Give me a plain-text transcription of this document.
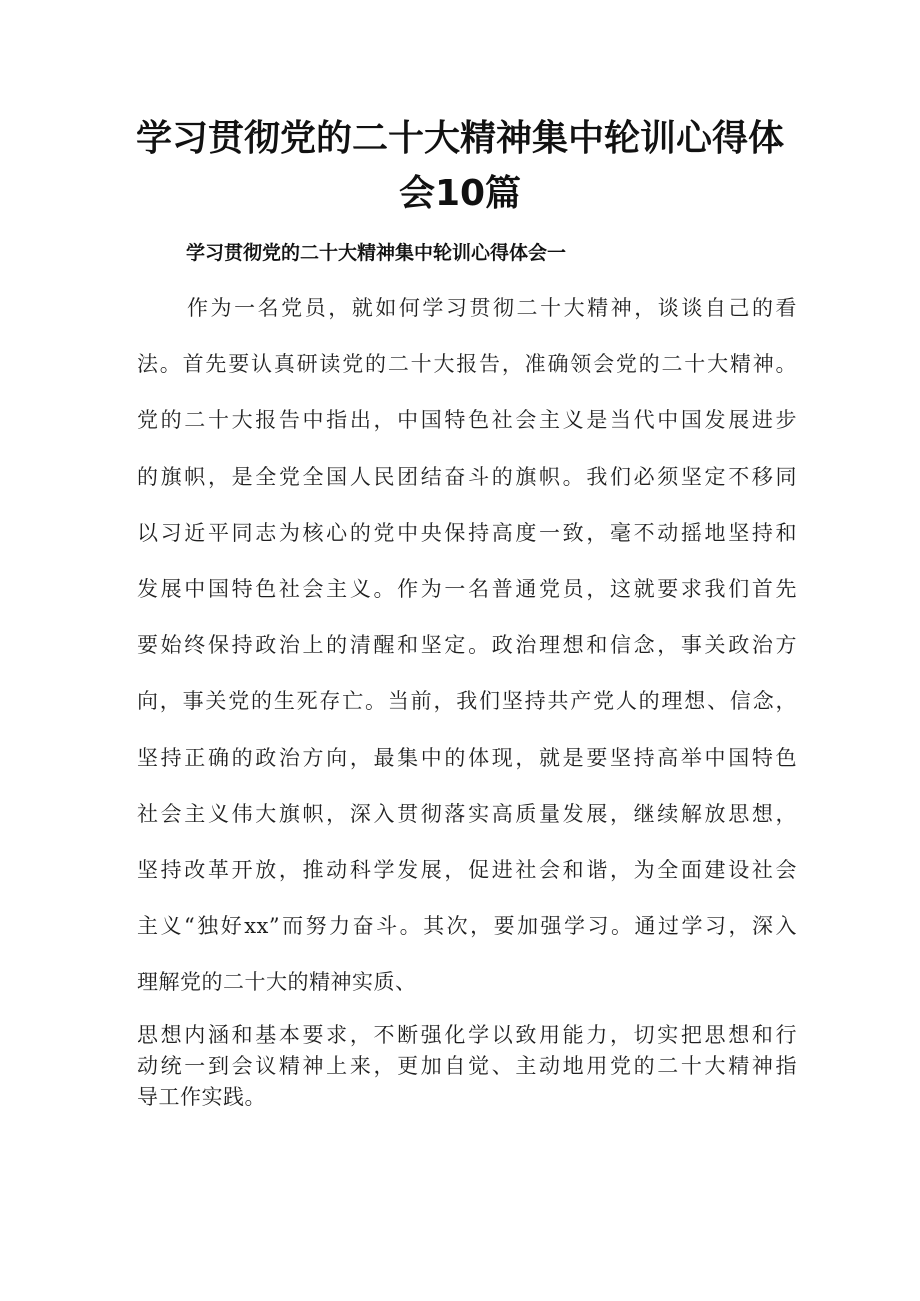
学习贯彻党的二十大精神集中轮训心得体
会10篇
学习贯彻党的二十大精神集中轮训心得体会一
作为一名党员，就如何学习贯彻二十大精神，谈谈自己的看
法。首先要认真研读党的二十大报告，准确领会党的二十大精神。
党的二十大报告中指出，中国特色社会主义是当代中国发展进步
的旗帜，是全党全国人民团结奋斗的旗帜。我们必须坚定不移同
以习近平同志为核心的党中央保持高度一致，毫不动摇地坚持和
发展中国特色社会主义。作为一名普通党员，这就要求我们首先
要始终保持政治上的清醒和坚定。政治理想和信念，事关政治方
向，事关党的生死存亡。当前，我们坚持共产党人的理想、信念，
坚持正确的政治方向，最集中的体现，就是要坚持高举中国特色
社会主义伟大旗帜，深入贯彻落实高质量发展，继续解放思想，
坚持改革开放，推动科学发展，促进社会和谐，为全面建设社会
主义“独好xx”而努力奋斗。其次，要加强学习。通过学习，深入
理解党的二十大的精神实质、
思想内涵和基本要求，不断强化学以致用能力，切实把思想和行
动统一到会议精神上来，更加自觉、主动地用党的二十大精神指
导工作实践。
